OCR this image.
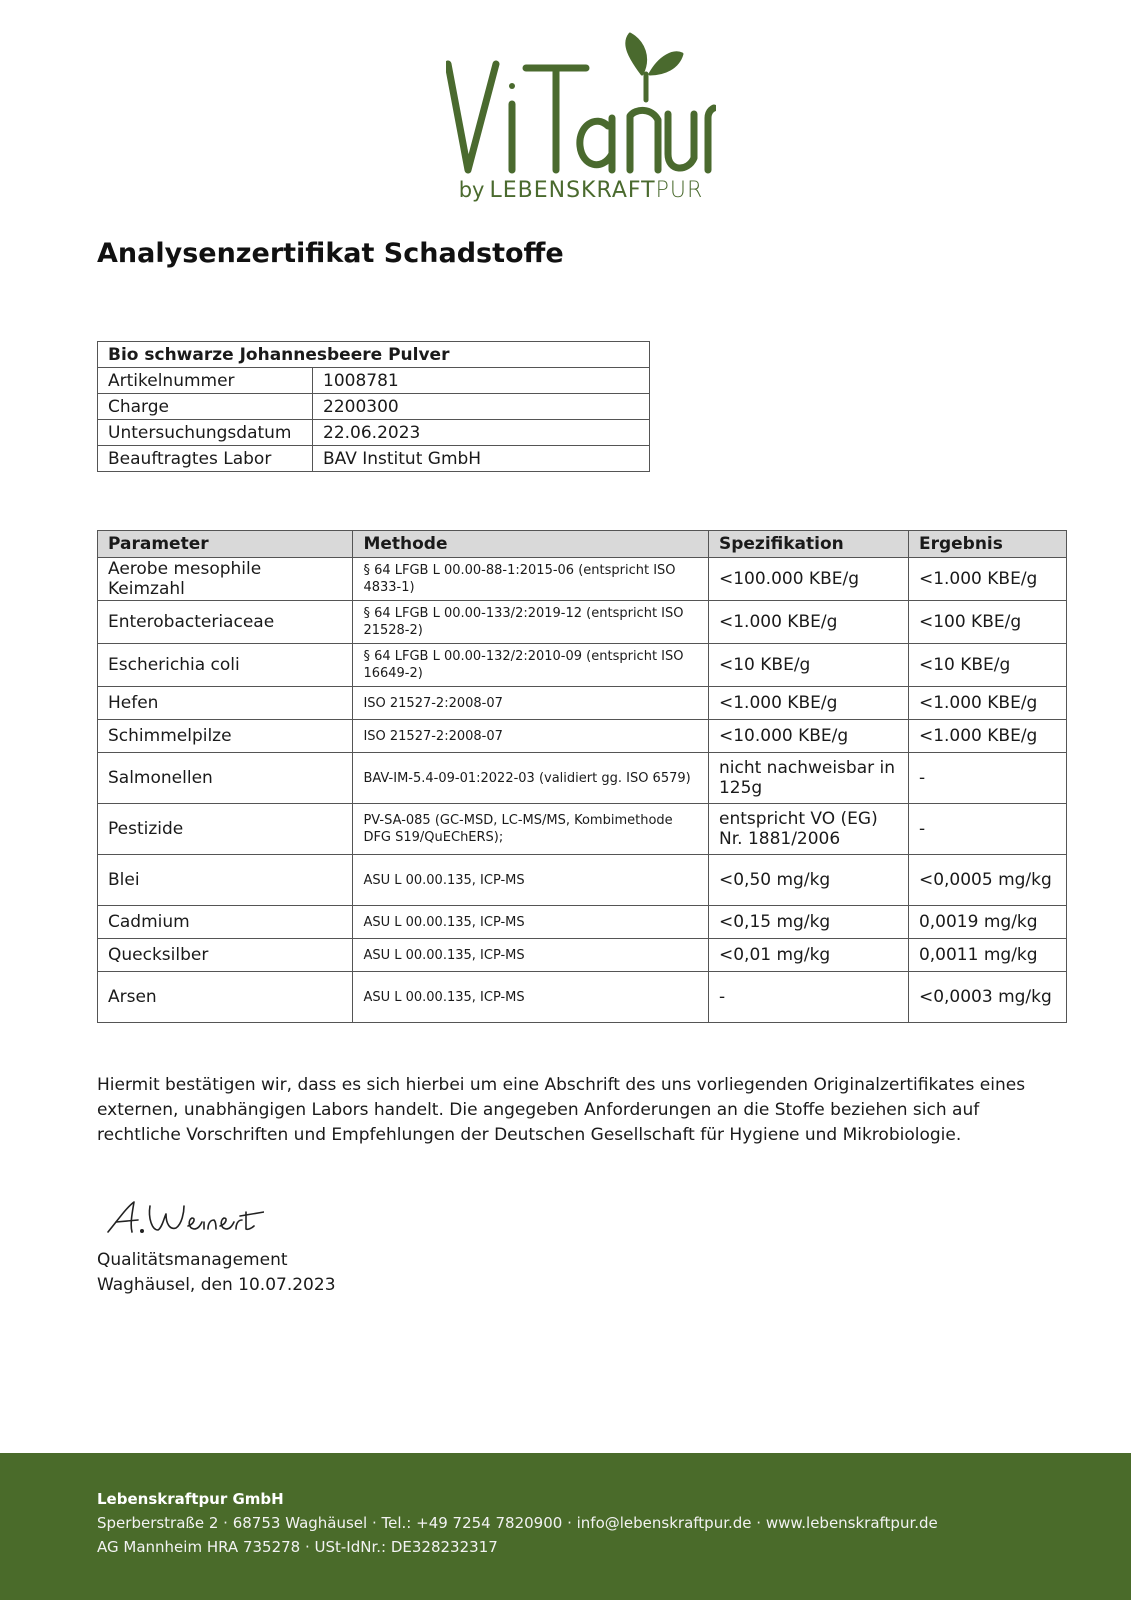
by LEBENSKRAFTPUR
Analysenzertifikat Schadstoffe
Bio schwarze Johannesbeere Pulver	
Artikelnummer	1008781
Charge	2200300
Untersuchungsdatum	22.06.2023
Beauftragtes Labor	BAV Institut GmbH
Parameter	Methode	Spezifikation	Ergebnis
Aerobe mesophile Keimzahl	§ 64 LFGB L 00.00-88-1:2015-06 (entspricht ISO 4833-1)	<100.000 KBE/g	<1.000 KBE/g
Enterobacteriaceae	§ 64 LFGB L 00.00-133/2:2019-12 (entspricht ISO 21528-2)	<1.000 KBE/g	<100 KBE/g
Escherichia coli	§ 64 LFGB L 00.00-132/2:2010-09 (entspricht ISO 16649-2)	<10 KBE/g	<10 KBE/g
Hefen	ISO 21527-2:2008-07	<1.000 KBE/g	<1.000 KBE/g
Schimmelpilze	ISO 21527-2:2008-07	<10.000 KBE/g	<1.000 KBE/g
Salmonellen	BAV-IM-5.4-09-01:2022-03 (validiert gg. ISO 6579)	nicht nachweisbar in 125g	-
Pestizide	PV-SA-085 (GC-MSD, LC-MS/MS, Kombimethode DFG S19/QuEChERS);	entspricht VO (EG) Nr. 1881/2006	-
Blei	ASU L 00.00.135, ICP-MS	<0,50 mg/kg	<0,0005 mg/kg
Cadmium	ASU L 00.00.135, ICP-MS	<0,15 mg/kg	0,0019 mg/kg
Quecksilber	ASU L 00.00.135, ICP-MS	<0,01 mg/kg	0,0011 mg/kg
Arsen	ASU L 00.00.135, ICP-MS	-	<0,0003 mg/kg

Hiermit bestätigen wir, dass es sich hierbei um eine Abschrift des uns vorliegenden Originalzertifikates eines externen, unabhängigen Labors handelt. Die angegeben Anforderungen an die Stoffe beziehen sich auf rechtliche Vorschriften und Empfehlungen der Deutschen Gesellschaft für Hygiene und Mikrobiologie.

Qualitätsmanagement
Waghäusel, den 10.07.2023
Lebenskraftpur GmbH
Sperberstraße 2 · 68753 Waghäusel · Tel.: +49 7254 7820900 · info@lebenskraftpur.de · www.lebenskraftpur.de
AG Mannheim HRA 735278 · USt-IdNr.: DE328232317
